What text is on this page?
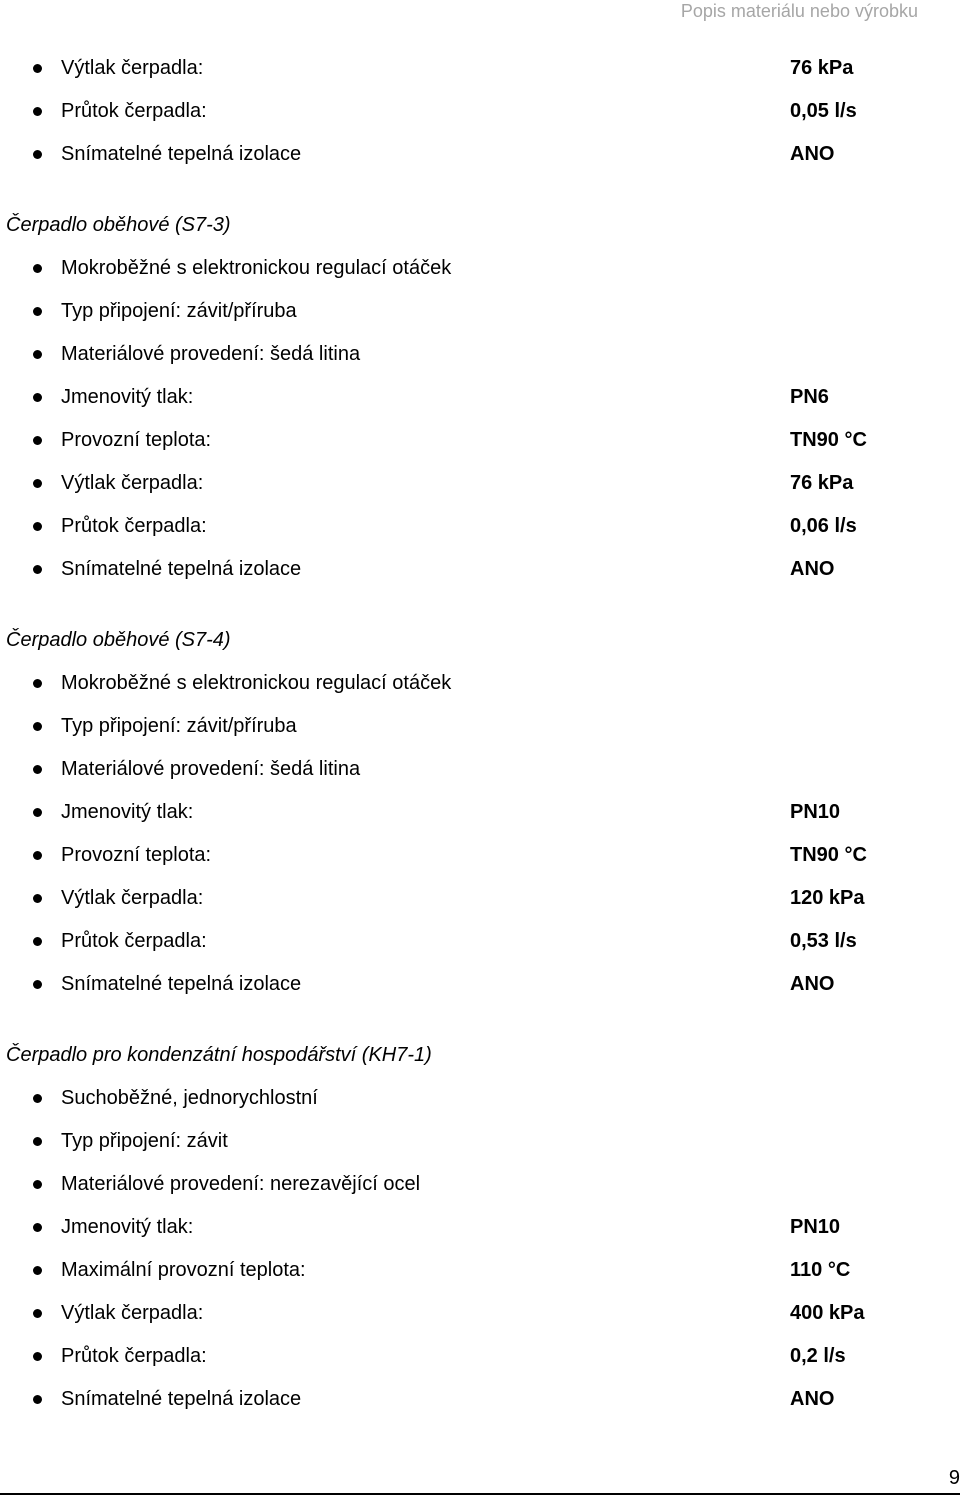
Popis materiálu nebo výrobku
Výtlak čerpadla:	76 kPa
Průtok čerpadla:	0,05 l/s
Snímatelné tepelná izolace	ANO
Čerpadlo oběhové (S7-3)
Mokroběžné s elektronickou regulací otáček
Typ připojení: závit/příruba
Materiálové provedení: šedá litina
Jmenovitý tlak:	PN6
Provozní teplota:	TN90 °C
Výtlak čerpadla:	76 kPa
Průtok čerpadla:	0,06 l/s
Snímatelné tepelná izolace	ANO
Čerpadlo oběhové (S7-4)
Mokroběžné s elektronickou regulací otáček
Typ připojení: závit/příruba
Materiálové provedení: šedá litina
Jmenovitý tlak:	PN10
Provozní teplota:	TN90 °C
Výtlak čerpadla:	120 kPa
Průtok čerpadla:	0,53 l/s
Snímatelné tepelná izolace	ANO
Čerpadlo pro kondenzátní hospodářství (KH7-1)
Suchoběžné, jednorychlostní
Typ připojení: závit
Materiálové provedení: nerezavějící ocel
Jmenovitý tlak:	PN10
Maximální provozní teplota:	110 °C
Výtlak čerpadla:	400 kPa
Průtok čerpadla:	0,2 l/s
Snímatelné tepelná izolace	ANO
9
